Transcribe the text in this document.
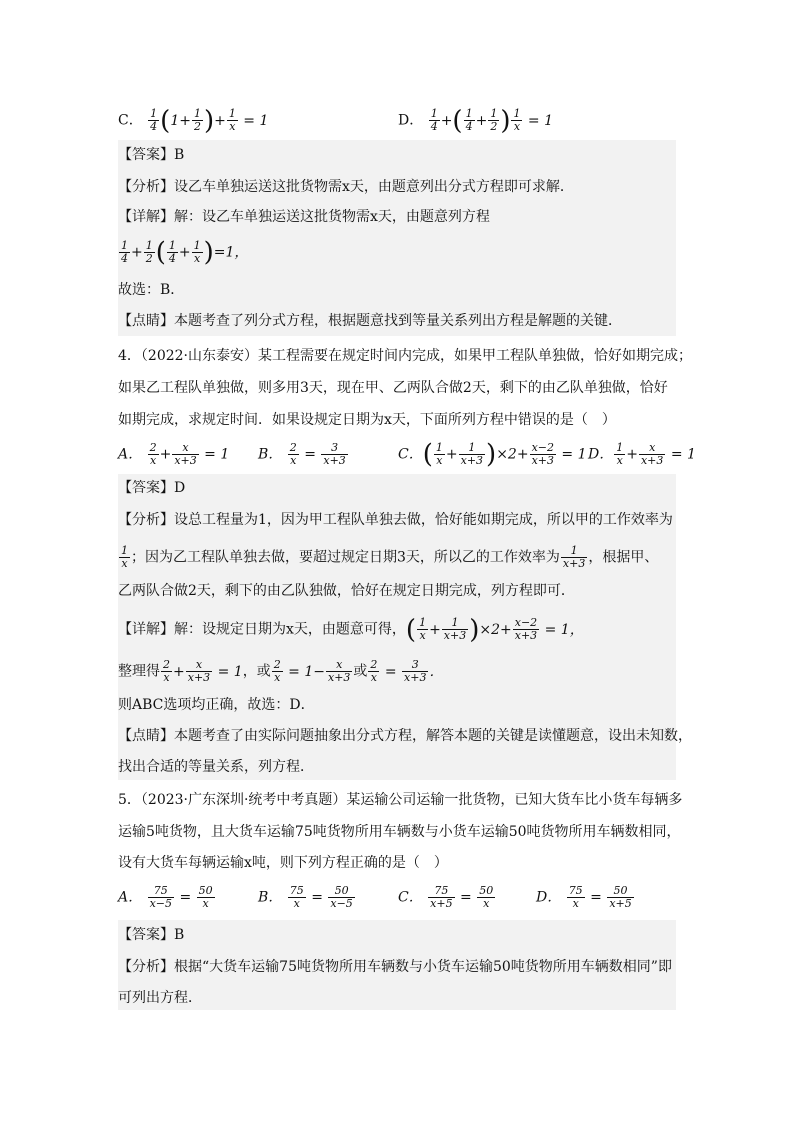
C． $\frac{1}{4} (1+ \frac{1}{2}$ )+ $\frac{1}{x} = 1$	D． $\frac{1}{4}$ +( $\frac{1}{4} + \frac{1}{2}$ ) $\frac{1}{x} = 1$
【答案】B
【分析】设乙车单独运送这批货物需x天，由题意列出分式方程即可求解．
【详解】解：设乙车单独运送这批货物需x天，由题意列方程
$\frac{1}{4} + \frac{1}{2}$ ( $\frac{1}{4} + \frac{1}{x} )=1$，
故选：B．
【点睛】本题考查了列分式方程，根据题意找到等量关系列出方程是解题的关键．
4．（2022·山东泰安）某工程需要在规定时间内完成，如果甲工程队单独做，恰好如期完成；
如果乙工程队单独做，则多用3天，现在甲、乙两队合做2天，剩下的由乙队单独做，恰好
如期完成，求规定时间．如果设规定日期为x天，下面所列方程中错误的是（　）
A． $\frac{2}{x} + \frac{x}{x+3} = 1$ B． $\frac{2}{x} = \frac{3}{x+3}$	C．( $\frac{1}{x} + \frac{1}{x+3} )\times 2+ \frac{x-2}{x+3} = 1$ D． $\frac{1}{x} + \frac{x}{x+3} = 1$
【答案】D
【分析】设总工程量为1，因为甲工程队单独去做，恰好能如期完成，所以甲的工作效率为
$\frac{1}{x}$ ；因为乙工程队单独去做，要超过规定日期3天，所以乙的工作效率为 $\frac{1}{x+3}$ ，根据甲、
乙两队合做2天，剩下的由乙队独做，恰好在规定日期完成，列方程即可．
【详解】解：设规定日期为x天，由题意可得，( $\frac{1}{x} + \frac{1}{x+3} )\times 2+ \frac{x-2}{x+3} = 1$，
整理得 $\frac{2}{x} + \frac{x}{x+3} = 1$，或 $\frac{2}{x} = 1- \frac{x}{x+3}$ 或 $\frac{2}{x} = \frac{3}{x+3}$ ．
则ABC选项均正确，故选：D．
【点睛】本题考查了由实际问题抽象出分式方程，解答本题的关键是读懂题意，设出未知数，
找出合适的等量关系，列方程．
5．（2023·广东深圳·统考中考真题）某运输公司运输一批货物，已知大货车比小货车每辆多
运输5吨货物，且大货车运输75吨货物所用车辆数与小货车运输50吨货物所用车辆数相同，
设有大货车每辆运输x吨，则下列方程正确的是（　）
A． $\frac{75}{x-5} = \frac{50}{x}$	B． $\frac{75}{x} = \frac{50}{x-5}$	C． $\frac{75}{x+5} = \frac{50}{x}$	D． $\frac{75}{x} = \frac{50}{x+5}$
【答案】B
【分析】根据“大货车运输75吨货物所用车辆数与小货车运输50吨货物所用车辆数相同”即
可列出方程．
